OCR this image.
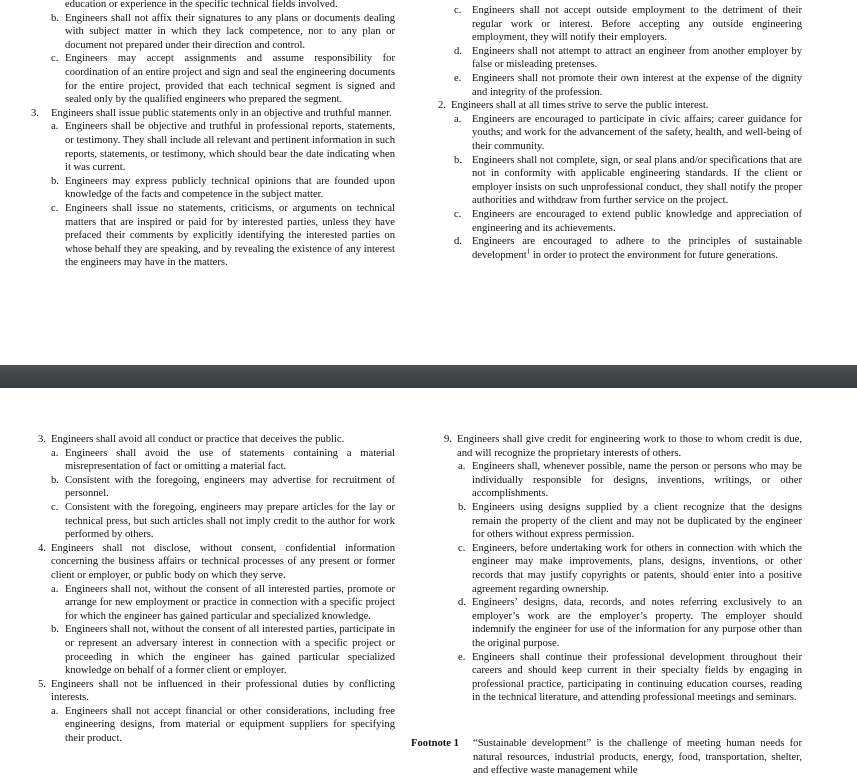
education or experience in the specific technical fields involved.
b. Engineers shall not affix their signatures to any plans or documents dealing with subject matter in which they lack competence, nor to any plan or document not prepared under their direction and control.
c. Engineers may accept assignments and assume responsibility for coordination of an entire project and sign and seal the engineering documents for the entire project, provided that each technical segment is signed and sealed only by the qualified engineers who prepared the segment.
3. Engineers shall issue public statements only in an objective and truthful manner.
a. Engineers shall be objective and truthful in professional reports, statements, or testimony. They shall include all relevant and pertinent information in such reports, statements, or testimony, which should bear the date indicating when it was current.
b. Engineers may express publicly technical opinions that are founded upon knowledge of the facts and competence in the subject matter.
c. Engineers shall issue no statements, criticisms, or arguments on technical matters that are inspired or paid for by interested parties, unless they have prefaced their comments by explicitly identifying the interested parties on whose behalf they are speaking, and by revealing the existence of any interest the engineers may have in the matters.
c. Engineers shall not accept outside employment to the detriment of their regular work or interest. Before accepting any outside engineering employment, they will notify their employers.
d. Engineers shall not attempt to attract an engineer from another employer by false or misleading pretenses.
e. Engineers shall not promote their own interest at the expense of the dignity and integrity of the profession.
2. Engineers shall at all times strive to serve the public interest.
a. Engineers are encouraged to participate in civic affairs; career guidance for youths; and work for the advancement of the safety, health, and well-being of their community.
b. Engineers shall not complete, sign, or seal plans and/or specifications that are not in conformity with applicable engineering standards. If the client or employer insists on such unprofessional conduct, they shall notify the proper authorities and withdraw from further service on the project.
c. Engineers are encouraged to extend public knowledge and appreciation of engineering and its achievements.
d. Engineers are encouraged to adhere to the principles of sustainable development$^1$ in order to protect the environment for future generations.
3. Engineers shall avoid all conduct or practice that deceives the public.
a. Engineers shall avoid the use of statements containing a material misrepresentation of fact or omitting a material fact.
b. Consistent with the foregoing, engineers may advertise for recruitment of personnel.
c. Consistent with the foregoing, engineers may prepare articles for the lay or technical press, but such articles shall not imply credit to the author for work performed by others.
4. Engineers shall not disclose, without consent, confidential information concerning the business affairs or technical processes of any present or former client or employer, or public body on which they serve.
a. Engineers shall not, without the consent of all interested parties, promote or arrange for new employment or practice in connection with a specific project for which the engineer has gained particular and specialized knowledge.
b. Engineers shall not, without the consent of all interested parties, participate in or represent an adversary interest in connection with a specific project or proceeding in which the engineer has gained particular specialized knowledge on behalf of a former client or employer.
5. Engineers shall not be influenced in their professional duties by conflicting interests.
a. Engineers shall not accept financial or other considerations, including free engineering designs, from material or equipment suppliers for specifying their product.
9. Engineers shall give credit for engineering work to those to whom credit is due, and will recognize the proprietary interests of others.
a. Engineers shall, whenever possible, name the person or persons who may be individually responsible for designs, inventions, writings, or other accomplishments.
b. Engineers using designs supplied by a client recognize that the designs remain the property of the client and may not be duplicated by the engineer for others without express permission.
c. Engineers, before undertaking work for others in connection with which the engineer may make improvements, plans, designs, inventions, or other records that may justify copyrights or patents, should enter into a positive agreement regarding ownership.
d. Engineers’ designs, data, records, and notes referring exclusively to an employer’s work are the employer’s property. The employer should indemnify the engineer for use of the information for any purpose other than the original purpose.
e. Engineers shall continue their professional development throughout their careers and should keep current in their specialty fields by engaging in professional practice, participating in continuing education courses, reading in the technical literature, and attending professional meetings and seminars.
Footnote 1 “Sustainable development” is the challenge of meeting human needs for natural resources, industrial products, energy, food, transportation, shelter, and effective waste management while
